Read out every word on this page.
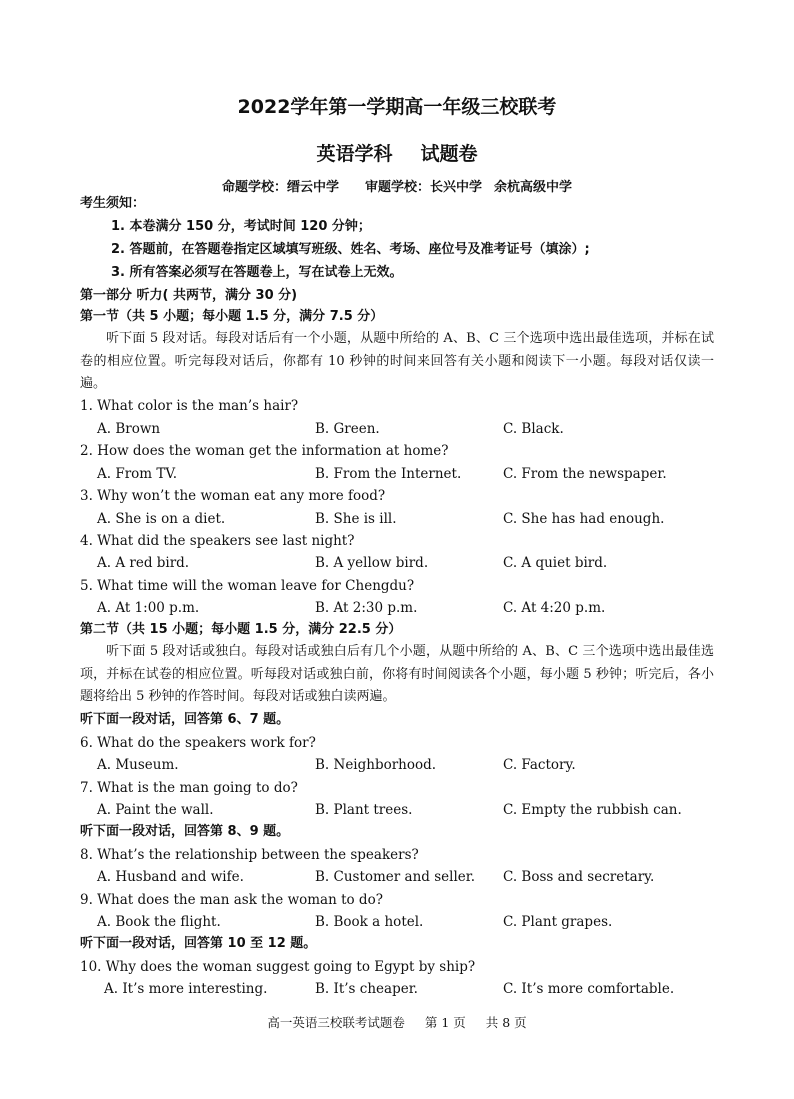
2022学年第一学期高一年级三校联考
英语学科 试题卷
命题学校：缙云中学 审题学校：长兴中学 余杭高级中学
考生须知：
1. 本卷满分 150 分，考试时间 120 分钟；
2. 答题前，在答题卷指定区域填写班级、姓名、考场、座位号及准考证号（填涂）;
3. 所有答案必须写在答题卷上，写在试卷上无效。
第一部分 听力( 共两节，满分 30 分)
第一节（共 5 小题；每小题 1.5 分，满分 7.5 分）
听下面 5 段对话。每段对话后有一个小题，从题中所给的 A、B、C 三个选项中选出最佳选项，并标在试卷的相应位置。听完每段对话后，你都有 10 秒钟的时间来回答有关小题和阅读下一小题。每段对话仅读一遍。
1. What color is the man’s hair?
A. Brown	B. Green.	C. Black.
2. How does the woman get the information at home?
A. From TV.	B. From the Internet.	C. From the newspaper.
3. Why won’t the woman eat any more food?
A. She is on a diet.	B. She is ill.	C. She has had enough.
4. What did the speakers see last night?
A. A red bird.	B. A yellow bird.	C. A quiet bird.
5. What time will the woman leave for Chengdu?
A. At 1:00 p.m.	B. At 2:30 p.m.	C. At 4:20 p.m.
第二节（共 15 小题；每小题 1.5 分，满分 22.5 分）
听下面 5 段对话或独白。每段对话或独白后有几个小题，从题中所给的 A、B、C 三个选项中选出最佳选项，并标在试卷的相应位置。听每段对话或独白前，你将有时间阅读各个小题，每小题 5 秒钟；听完后，各小题将给出 5 秒钟的作答时间。每段对话或独白读两遍。
听下面一段对话，回答第 6、7 题。
6. What do the speakers work for?
A. Museum.	B. Neighborhood.	C. Factory.
7. What is the man going to do?
A. Paint the wall.	B. Plant trees.	C. Empty the rubbish can.
听下面一段对话，回答第 8、9 题。
8. What’s the relationship between the speakers?
A. Husband and wife.	B. Customer and seller. C. Boss and secretary.
9. What does the man ask the woman to do?
A. Book the flight.	B. Book a hotel.	C. Plant grapes.
听下面一段对话，回答第 10 至 12 题。
10. Why does the woman suggest going to Egypt by ship?
A. It’s more interesting.	B. It’s cheaper.	C. It’s more comfortable.
高一英语三校联考试题卷 第 1 页 共 8 页
